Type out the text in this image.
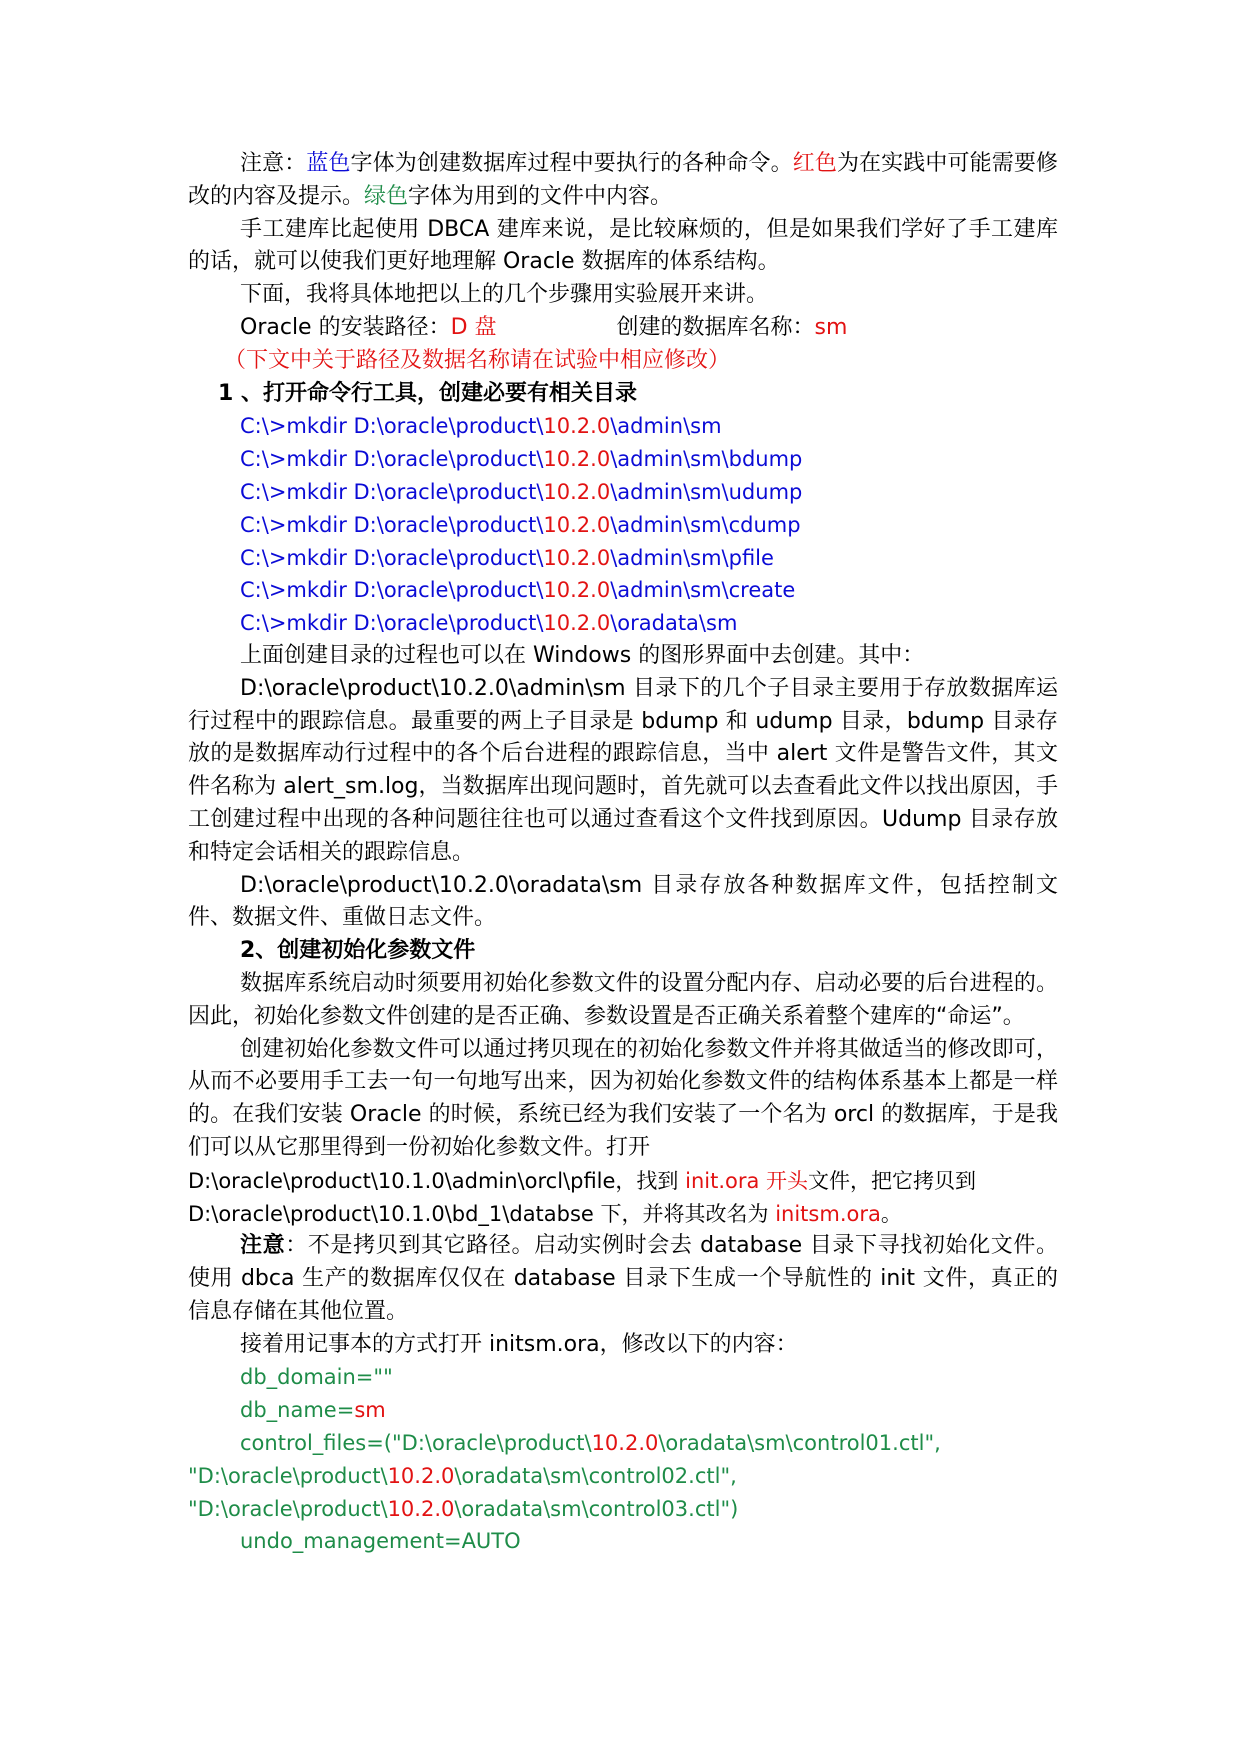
注意：蓝色字体为创建数据库过程中要执行的各种命令。红色为在实践中可能需要修改的内容及提示。绿色字体为用到的文件中内容。

手工建库比起使用 DBCA 建库来说，是比较麻烦的，但是如果我们学好了手工建库的话，就可以使我们更好地理解 Oracle 数据库的体系结构。

下面，我将具体地把以上的几个步骤用实验展开来讲。

Oracle 的安装路径：D 盘	创建的数据库名称：sm

（下文中关于路径及数据名称请在试验中相应修改）

1 、打开命令行工具，创建必要有相关目录

C:\>mkdir D:\oracle\product\10.2.0\admin\sm

C:\>mkdir D:\oracle\product\10.2.0\admin\sm\bdump

C:\>mkdir D:\oracle\product\10.2.0\admin\sm\udump

C:\>mkdir D:\oracle\product\10.2.0\admin\sm\cdump

C:\>mkdir D:\oracle\product\10.2.0\admin\sm\pfile

C:\>mkdir D:\oracle\product\10.2.0\admin\sm\create

C:\>mkdir D:\oracle\product\10.2.0\oradata\sm

上面创建目录的过程也可以在 Windows 的图形界面中去创建。其中：

D:\oracle\product\10.2.0\admin\sm 目录下的几个子目录主要用于存放数据库运行过程中的跟踪信息。最重要的两上子目录是 bdump 和 udump 目录，bdump 目录存放的是数据库动行过程中的各个后台进程的跟踪信息，当中 alert 文件是警告文件，其文件名称为 alert_sm.log，当数据库出现问题时，首先就可以去查看此文件以找出原因，手工创建过程中出现的各种问题往往也可以通过查看这个文件找到原因。Udump 目录存放和特定会话相关的跟踪信息。

D:\oracle\product\10.2.0\oradata\sm 目录存放各种数据库文件，包括控制文件、数据文件、重做日志文件。

2、创建初始化参数文件

数据库系统启动时须要用初始化参数文件的设置分配内存、启动必要的后台进程的。因此，初始化参数文件创建的是否正确、参数设置是否正确关系着整个建库的“命运”。

创建初始化参数文件可以通过拷贝现在的初始化参数文件并将其做适当的修改即可，从而不必要用手工去一句一句地写出来，因为初始化参数文件的结构体系基本上都是一样的。在我们安装 Oracle 的时候，系统已经为我们安装了一个名为 orcl 的数据库，于是我们可以从它那里得到一份初始化参数文件。打开

D:\oracle\product\10.1.0\admin\orcl\pfile，找到 init.ora 开头文件，把它拷贝到

D:\oracle\product\10.1.0\bd_1\databse 下，并将其改名为 initsm.ora。

注意：不是拷贝到其它路径。启动实例时会去 database 目录下寻找初始化文件。使用 dbca 生产的数据库仅仅在 database 目录下生成一个导航性的 init 文件，真正的信息存储在其他位置。

接着用记事本的方式打开 initsm.ora，修改以下的内容：

db_domain=""

db_name=sm

control_files=("D:\oracle\product\10.2.0\oradata\sm\control01.ctl",

"D:\oracle\product\10.2.0\oradata\sm\control02.ctl",

"D:\oracle\product\10.2.0\oradata\sm\control03.ctl")

undo_management=AUTO
